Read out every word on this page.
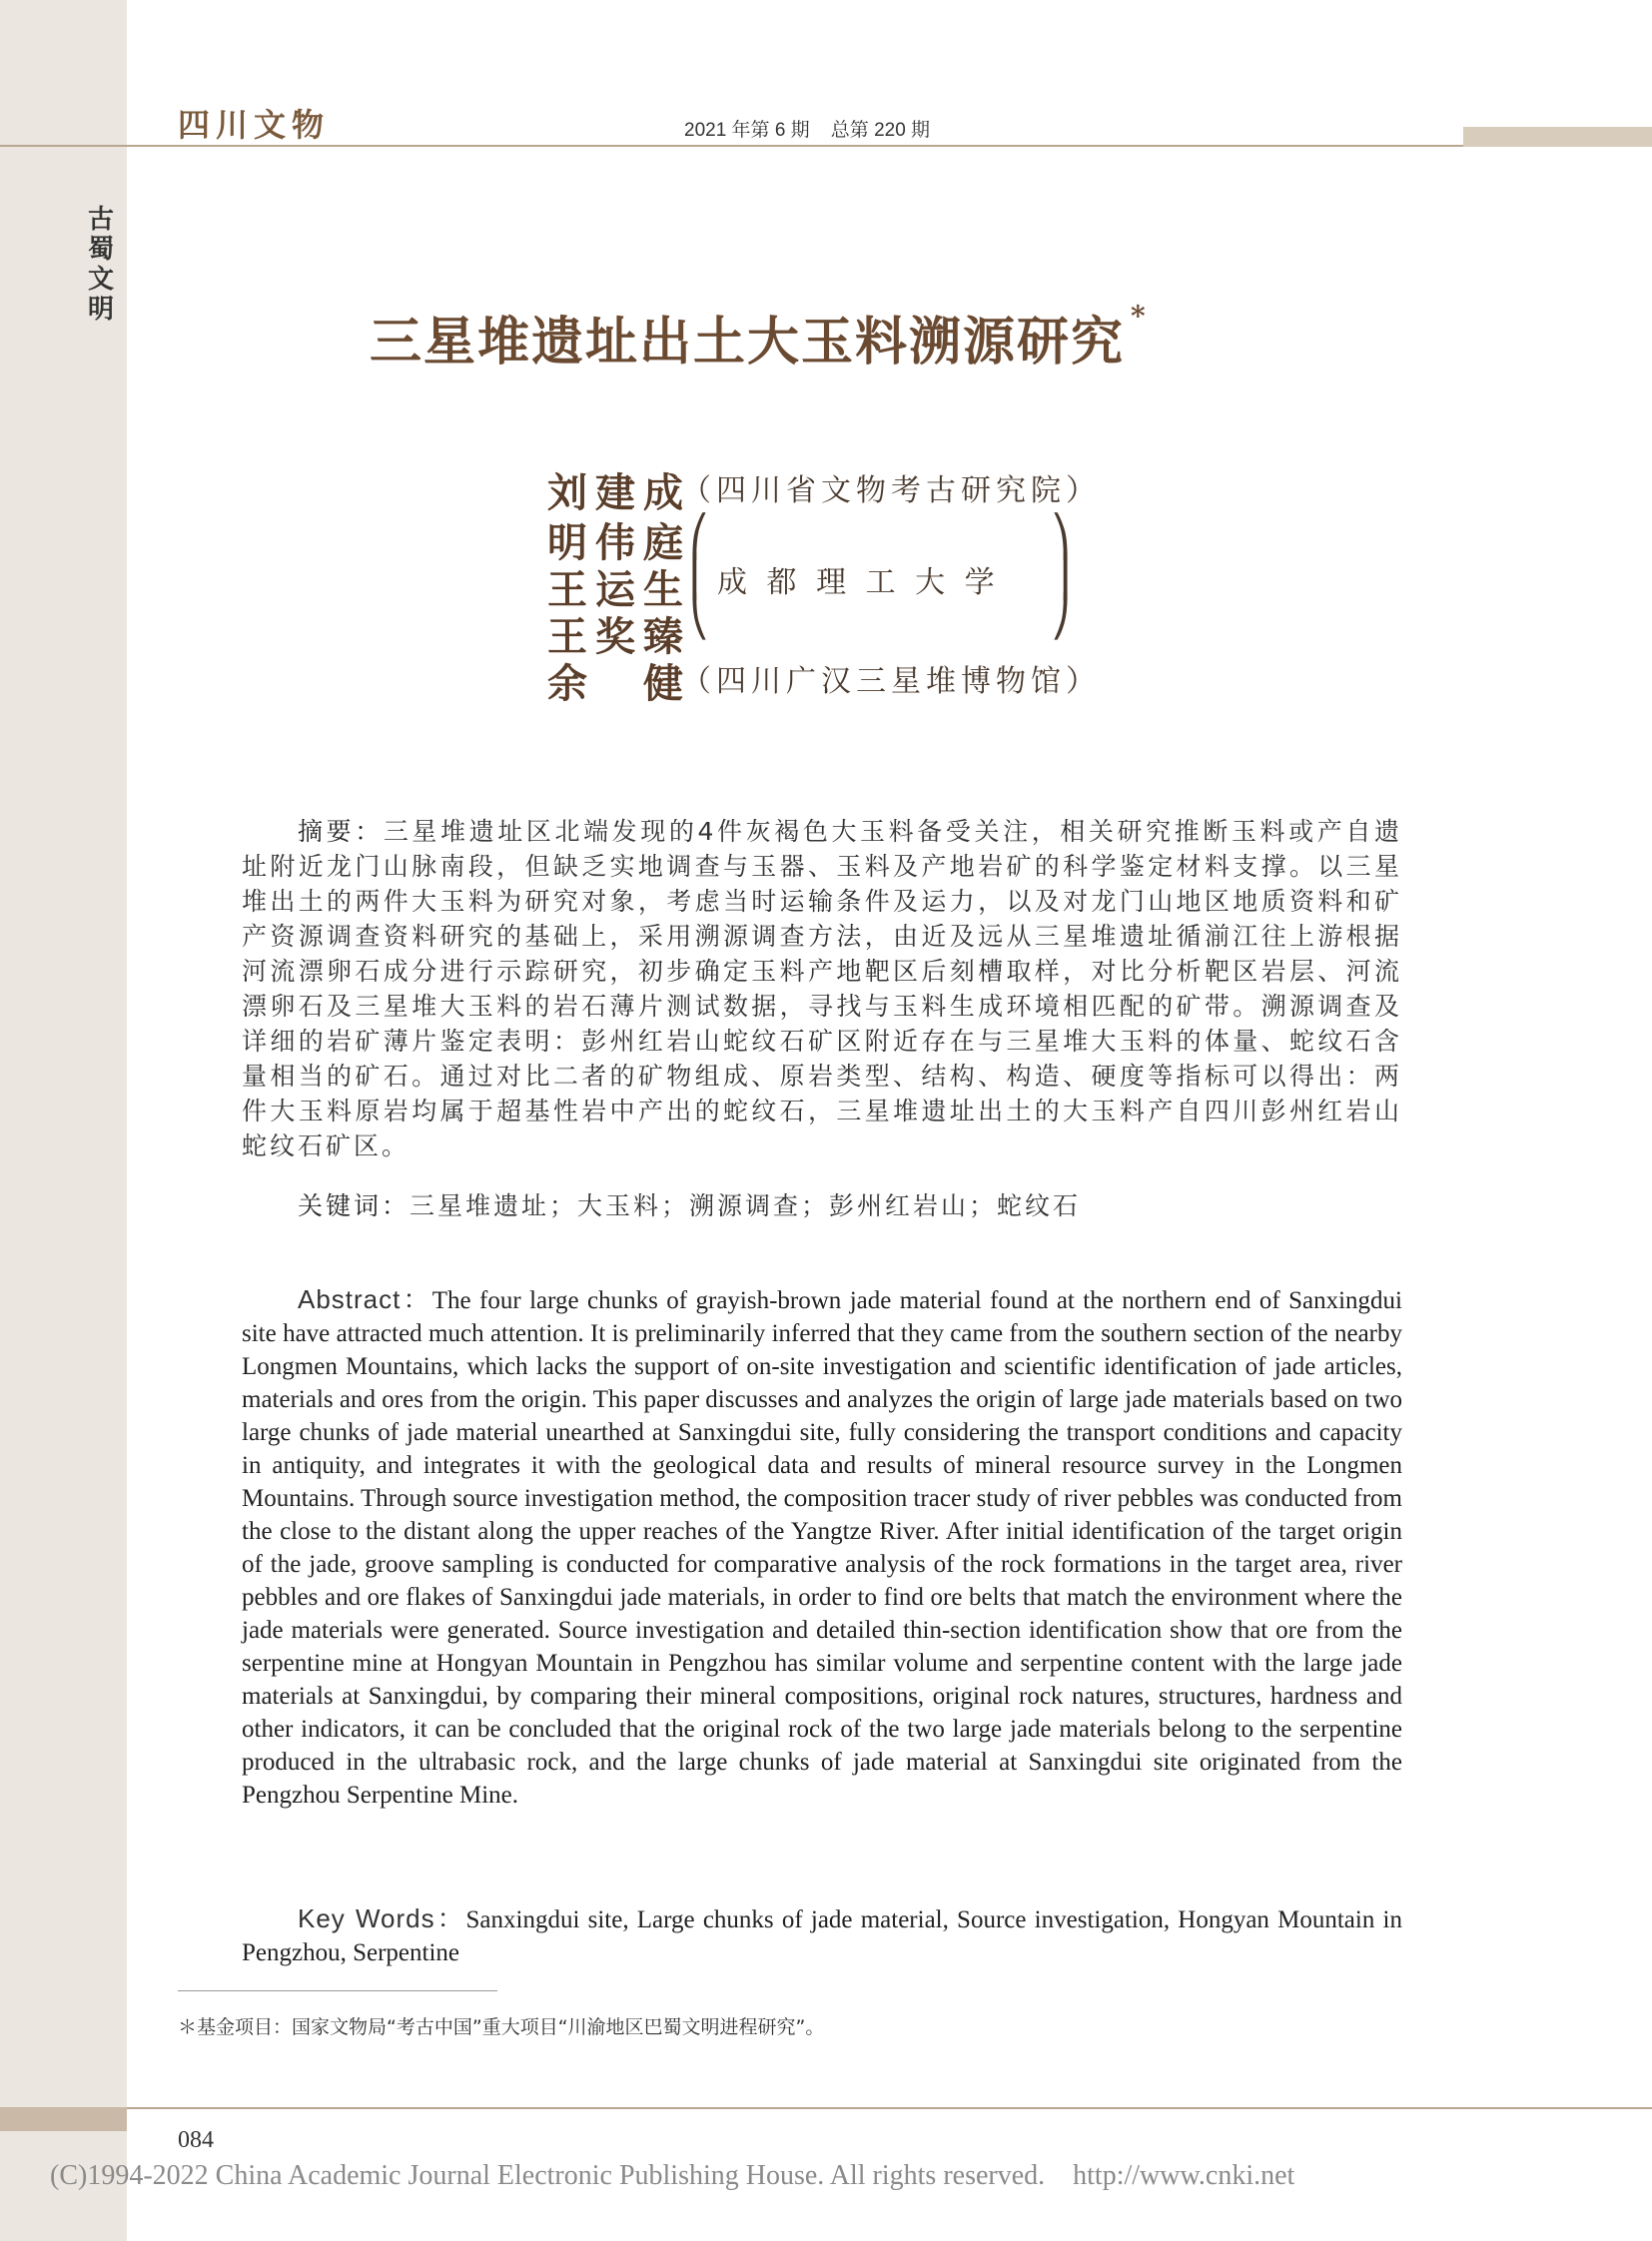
古蜀文明
四川文物	2021 年第 6 期    总第 220 期
三星堆遗址出土大玉料溯源研究 *
刘建成
（四川省文物考古研究院）
明伟庭
王运生
王奖臻
⎛
⎜
⎝
成 都 理 工 大 学
⎞
⎟
⎠
余　健
（四川广汉三星堆博物馆）
摘要：三星堆遗址区北端发现的4件灰褐色大玉料备受关注，相关研究推断玉料或产自遗址附近龙门山脉南段，但缺乏实地调查与玉器、玉料及产地岩矿的科学鉴定材料支撑。以三星堆出土的两件大玉料为研究对象，考虑当时运输条件及运力，以及对龙门山地区地质资料和矿产资源调查资料研究的基础上，采用溯源调查方法，由近及远从三星堆遗址循湔江往上游根据河流漂卵石成分进行示踪研究，初步确定玉料产地靶区后刻槽取样，对比分析靶区岩层、河流漂卵石及三星堆大玉料的岩石薄片测试数据，寻找与玉料生成环境相匹配的矿带。溯源调查及详细的岩矿薄片鉴定表明：彭州红岩山蛇纹石矿区附近存在与三星堆大玉料的体量、蛇纹石含量相当的矿石。通过对比二者的矿物组成、原岩类型、结构、构造、硬度等指标可以得出：两件大玉料原岩均属于超基性岩中产出的蛇纹石，三星堆遗址出土的大玉料产自四川彭州红岩山蛇纹石矿区。
关键词：三星堆遗址；大玉料；溯源调查；彭州红岩山；蛇纹石
Abstract：The four large chunks of grayish-brown jade material found at the northern end of Sanxingdui site have attracted much attention. It is preliminarily inferred that they came from the southern section of the nearby Longmen Mountains, which lacks the support of on-site investigation and scientific identification of jade articles, materials and ores from the origin. This paper discusses and analyzes the origin of large jade materials based on two large chunks of jade material unearthed at Sanxingdui site, fully considering the transport conditions and capacity in antiquity, and integrates it with the geological data and results of mineral resource survey in the Longmen Mountains. Through source investigation method, the composition tracer study of river pebbles was conducted from the close to the distant along the upper reaches of the Yangtze River. After initial identification of the target origin of the jade, groove sampling is conducted for comparative analysis of the rock formations in the target area, river pebbles and ore flakes of Sanxingdui jade materials, in order to find ore belts that match the environment where the jade materials were generated. Source investigation and detailed thin-section identification show that ore from the serpentine mine at Hongyan Mountain in Pengzhou has similar volume and serpentine content with the large jade materials at Sanxingdui, by comparing their mineral compositions, original rock natures, structures, hardness and other indicators, it can be concluded that the original rock of the two large jade materials belong to the serpentine produced in the ultrabasic rock, and the large chunks of jade material at Sanxingdui site originated from the Pengzhou Serpentine Mine.
Key Words：Sanxingdui site, Large chunks of jade material, Source investigation, Hongyan Mountain in Pengzhou, Serpentine
＊基金项目：国家文物局“考古中国”重大项目“川渝地区巴蜀文明进程研究”。
084
(C)1994-2022 China Academic Journal Electronic Publishing House. All rights reserved.    http://www.cnki.net
